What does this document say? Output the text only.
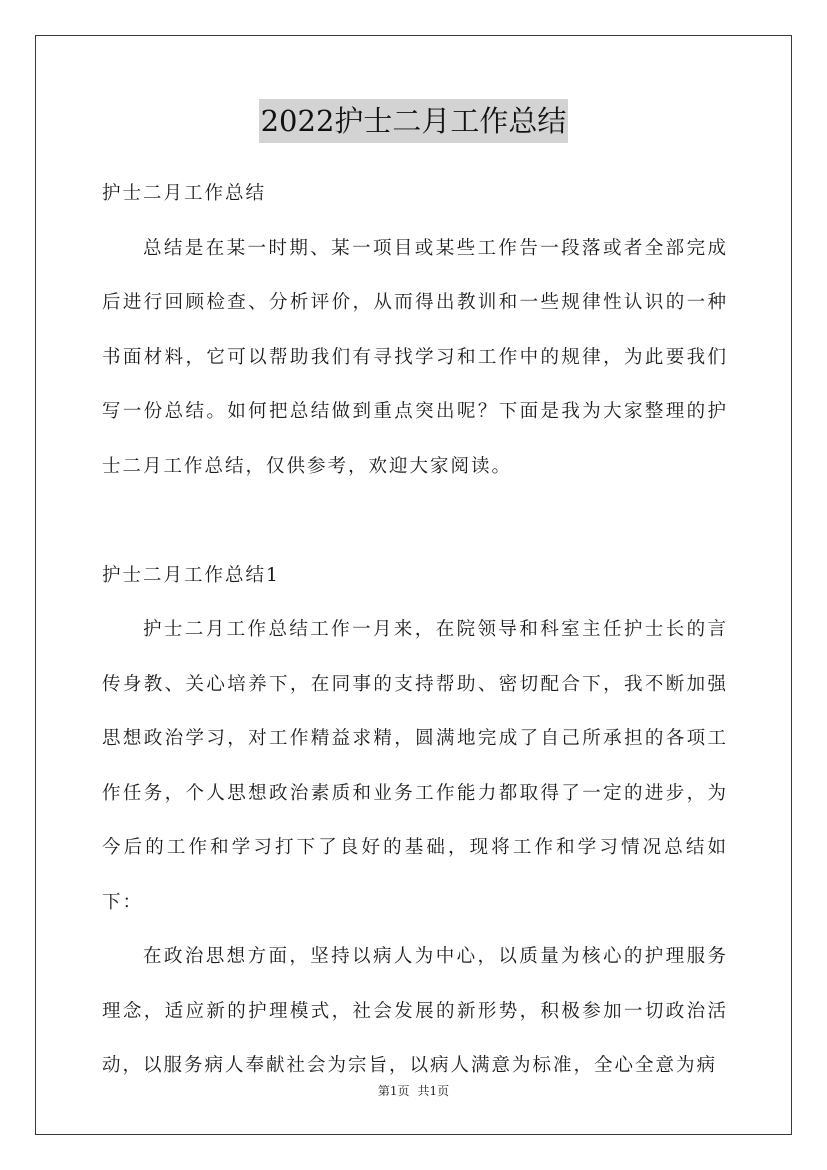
2022护士二月工作总结

护士二月工作总结

总结是在某一时期、某一项目或某些工作告一段落或者全部完成后进行回顾检查、分析评价，从而得出教训和一些规律性认识的一种书面材料，它可以帮助我们有寻找学习和工作中的规律，为此要我们写一份总结。如何把总结做到重点突出呢？下面是我为大家整理的护士二月工作总结，仅供参考，欢迎大家阅读。

护士二月工作总结1

护士二月工作总结工作一月来，在院领导和科室主任护士长的言传身教、关心培养下，在同事的支持帮助、密切配合下，我不断加强思想政治学习，对工作精益求精，圆满地完成了自己所承担的各项工作任务，个人思想政治素质和业务工作能力都取得了一定的进步，为今后的工作和学习打下了良好的基础，现将工作和学习情况总结如下：

在政治思想方面，坚持以病人为中心，以质量为核心的护理服务理念，适应新的护理模式，社会发展的新形势，积极参加一切政治活动，以服务病人奉献社会为宗旨，以病人满意为标准，全心全意为病

第1页 共1页
